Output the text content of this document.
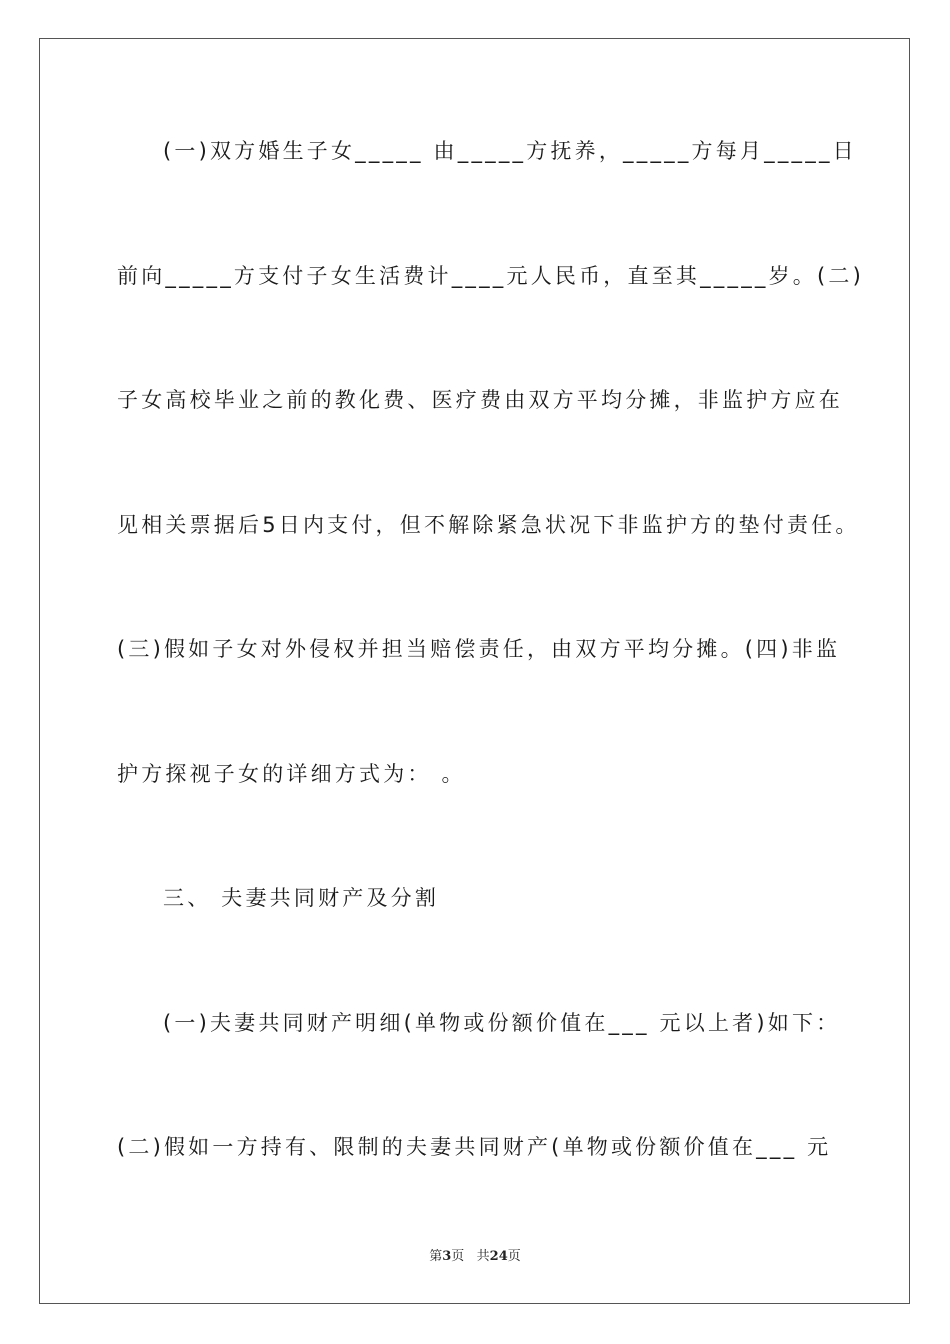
(一)双方婚生子女_____ 由_____方抚养，_____方每月_____日
前向_____方支付子女生活费计____元人民币，直至其_____岁。(二)
子女高校毕业之前的教化费、医疗费由双方平均分摊，非监护方应在
见相关票据后5日内支付，但不解除紧急状况下非监护方的垫付责任。
(三)假如子女对外侵权并担当赔偿责任，由双方平均分摊。(四)非监
护方探视子女的详细方式为： 。
三、 夫妻共同财产及分割
(一)夫妻共同财产明细(单物或份额价值在___ 元以上者)如下：
(二)假如一方持有、限制的夫妻共同财产(单物或份额价值在___ 元
第3页   共24页
